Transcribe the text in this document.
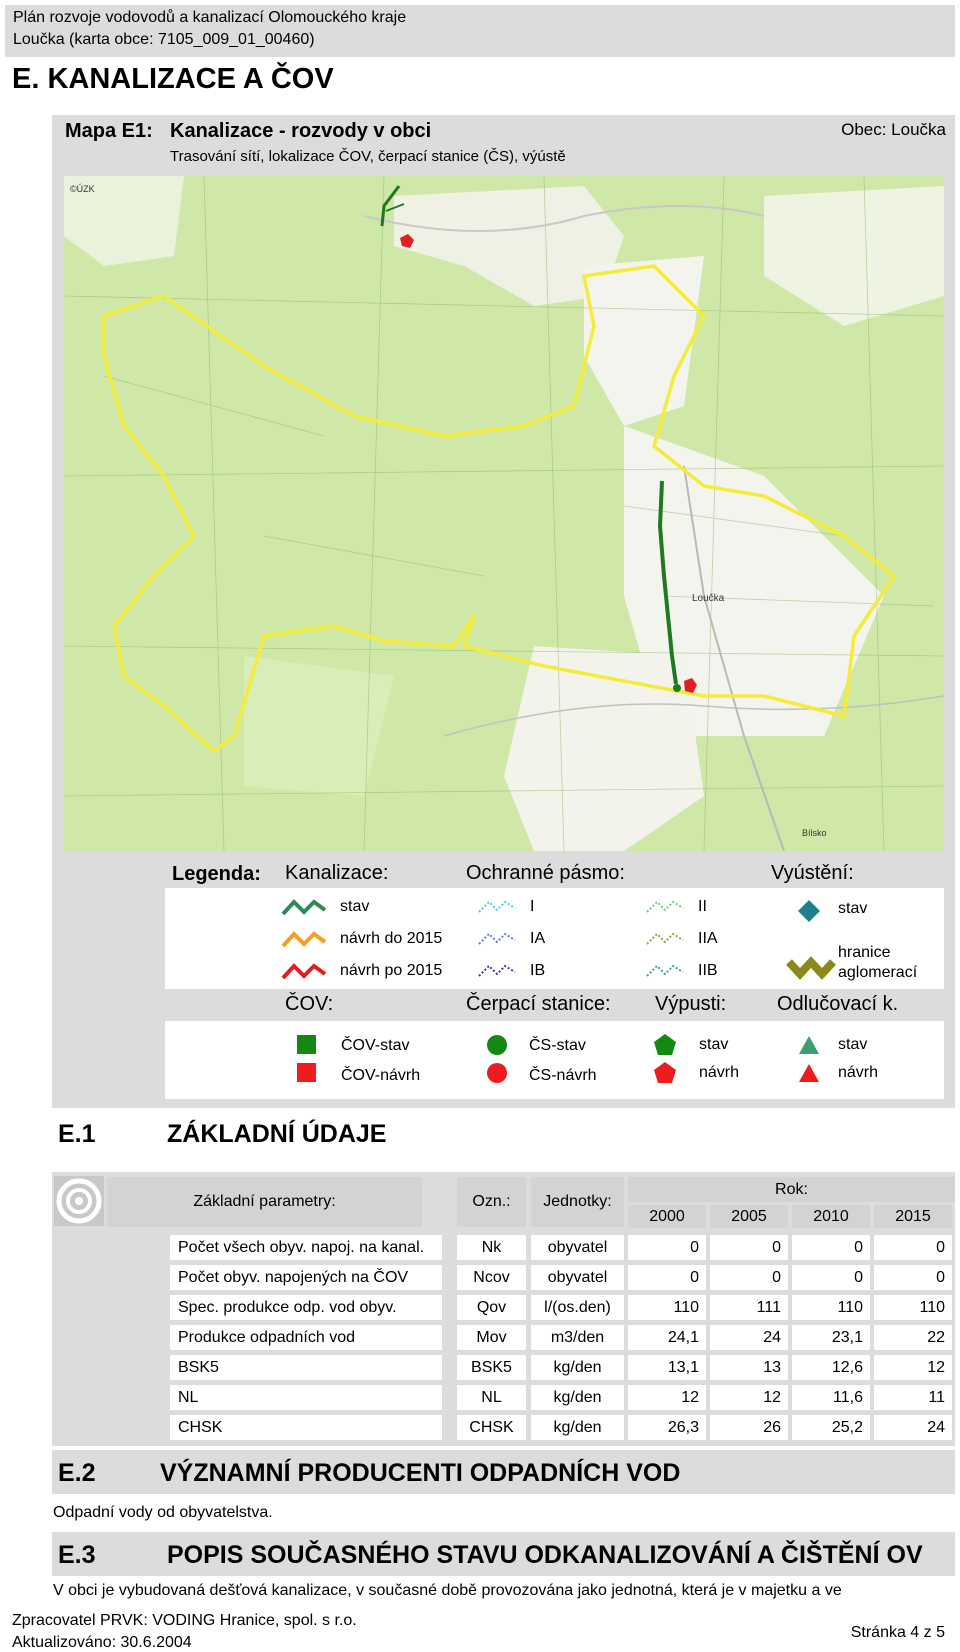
Plán rozvoje vodovodů a kanalizací Olomouckého kraje
Loučka (karta obce: 7105_009_01_00460)
E. KANALIZACE A ČOV
Mapa E1: Kanalizace - rozvody v obci
Trasování sítí, lokalizace ČOV, čerpací stanice (ČS), výústě
Obec: Loučka
©ÚZK
Loučka
Bílsko
Legenda: Kanalizace:	Ochranné pásmo:	Vyústění:
stav
návrh do 2015
návrh po 2015
I
IA
IB
II
IIA
IIB
stav
hranice aglomerací
ČOV:	Čerpací stanice: Výpusti:	Odlučovací k.
ČOV-stav
ČOV-návrh
ČS-stav
ČS-návrh
stav
návrh
stav
návrh
E.1	ZÁKLADNÍ ÚDAJE
Základní parametry:	Ozn.:	Jednotky:
Rok:
2000	2005	2010	2015
Počet všech obyv. napoj. na kanal.	Nk	obyvatel	0	0	0	0
Počet obyv. napojených na ČOV	Ncov	obyvatel	0	0	0	0
Spec. produkce odp. vod obyv.	Qov	l/(os.den)	110	111	110	110
Produkce odpadních vod	Mov	m3/den	24,1	24	23,1	22
BSK5	BSK5	kg/den	13,1	13	12,6	12
NL	NL	kg/den	12	12	11,6	11
CHSK	CHSK	kg/den	26,3	26	25,2	24
E.2	VÝZNAMNÍ PRODUCENTI ODPADNÍCH VOD
Odpadní vody od obyvatelstva.
E.3	POPIS SOUČASNÉHO STAVU ODKANALIZOVÁNÍ A ČIŠTĚNÍ OV
V obci je vybudovaná dešťová kanalizace, v současné době provozována jako jednotná, která je v majetku a ve
Zpracovatel PRVK: VODING Hranice, spol. s r.o.
Aktualizováno: 30.6.2004
Stránka 4 z 5
